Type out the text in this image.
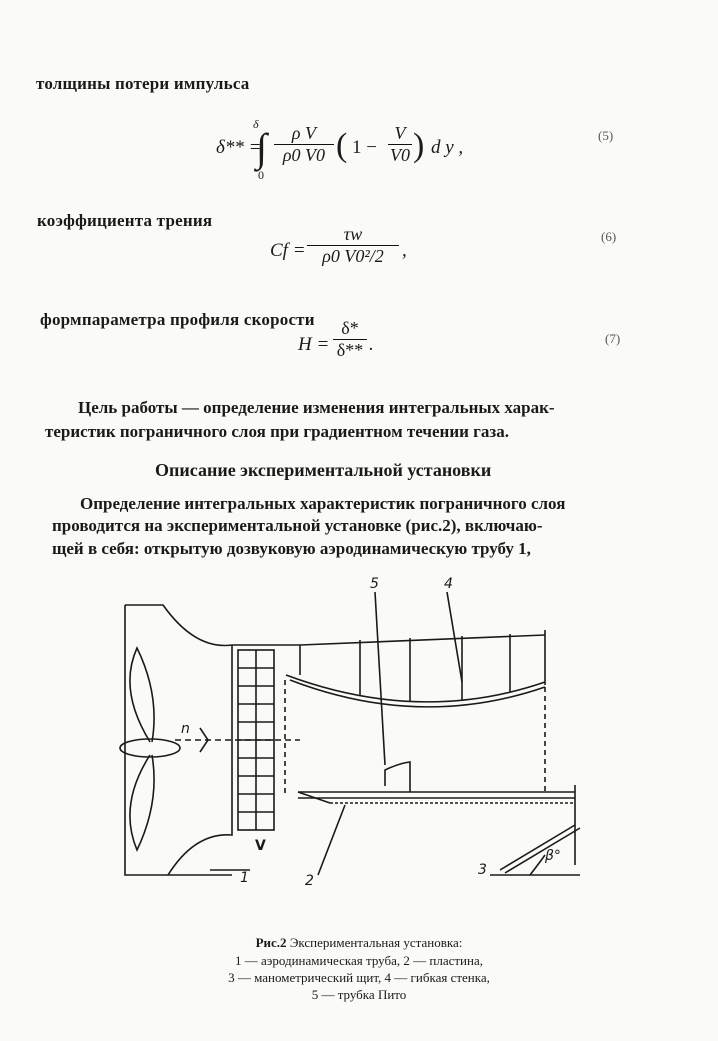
толщины потери импульса
δ
δ** =
∫
0
ρ V
ρ0 V0 ( 1 −
V
V0 ) d y ,
(5)
коэффициента трения
Cf =
τw
ρ0 V0²/2 ,
(6)
формпараметра профиля скорости
H =
δ*
δ** .	(7)
Цель работы — определение изменения интегральных харак-
теристик пограничного слоя при градиентном течении газа.
Описание экспериментальной установки
Определение интегральных характеристик пограничного слоя
проводится на экспериментальной установке (рис.2), включаю-
щей в себя: открытую дозвуковую аэродинамическую трубу 1,
5	4
n
V
1	2
3
β°
Рис.2 Экспериментальная установка:
1 — аэродинамическая труба, 2 — пластина,
3 — манометрический щит, 4 — гибкая стенка,
5 — трубка Пито
